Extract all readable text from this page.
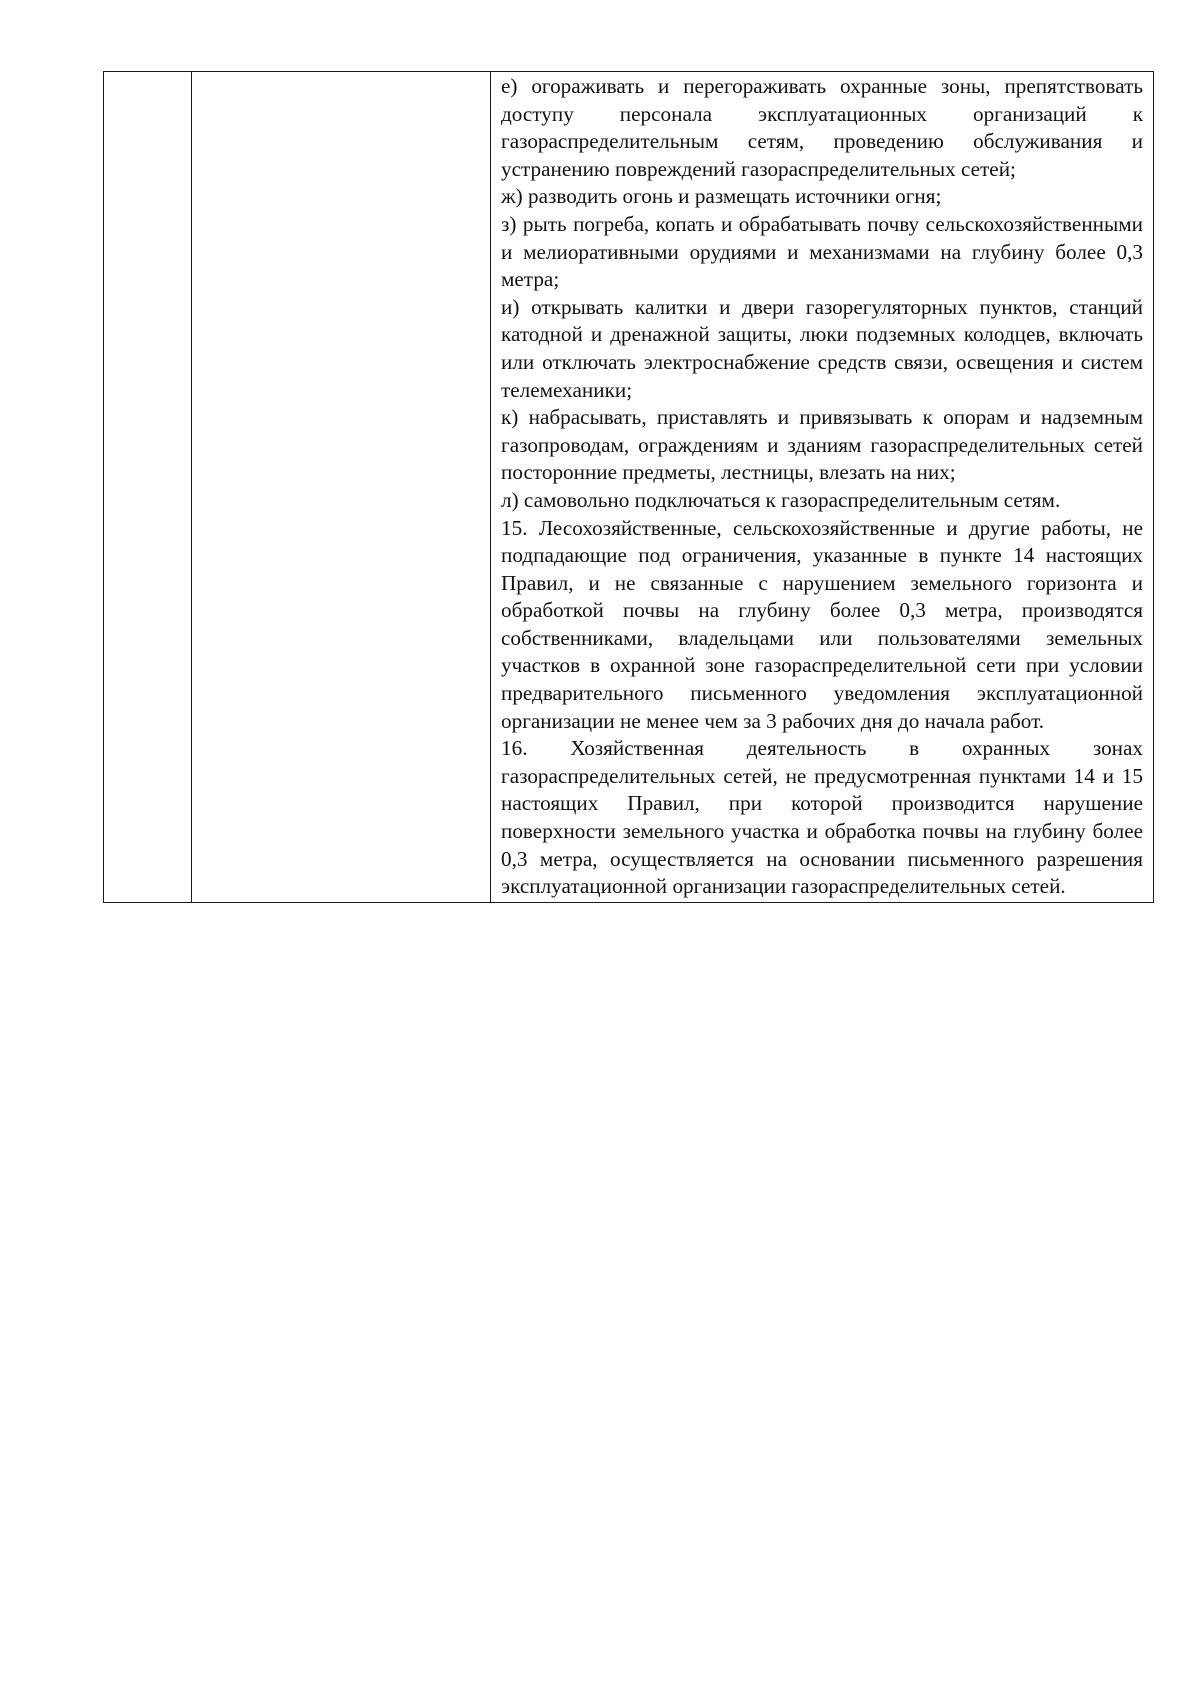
е) огораживать и перегораживать охранные зоны, препятствовать доступу персонала эксплуатационных организаций к газораспределительным сетям, проведению обслуживания и устранению повреждений газораспределительных сетей;

ж) разводить огонь и размещать источники огня;

з) рыть погреба, копать и обрабатывать почву сельскохозяйственными и мелиоративными орудиями и механизмами на глубину более 0,3 метра;

и) открывать калитки и двери газорегуляторных пунктов, станций катодной и дренажной защиты, люки подземных колодцев, включать или отключать электроснабжение средств связи, освещения и систем телемеханики;

к) набрасывать, приставлять и привязывать к опорам и надземным газопроводам, ограждениям и зданиям газораспределительных сетей посторонние предметы, лестницы, влезать на них;

л) самовольно подключаться к газораспределительным сетям.

15. Лесохозяйственные, сельскохозяйственные и другие работы, не подпадающие под ограничения, указанные в пункте 14 настоящих Правил, и не связанные с нарушением земельного горизонта и обработкой почвы на глубину более 0,3 метра, производятся собственниками, владельцами или пользователями земельных участков в охранной зоне газораспределительной сети при условии предварительного письменного уведомления эксплуатационной организации не менее чем за 3 рабочих дня до начала работ.

16. Хозяйственная деятельность в охранных зонах газораспределительных сетей, не предусмотренная пунктами 14 и 15 настоящих Правил, при которой производится нарушение поверхности земельного участка и обработка почвы на глубину более 0,3 метра, осуществляется на основании письменного разрешения эксплуатационной организации газораспределительных сетей.
